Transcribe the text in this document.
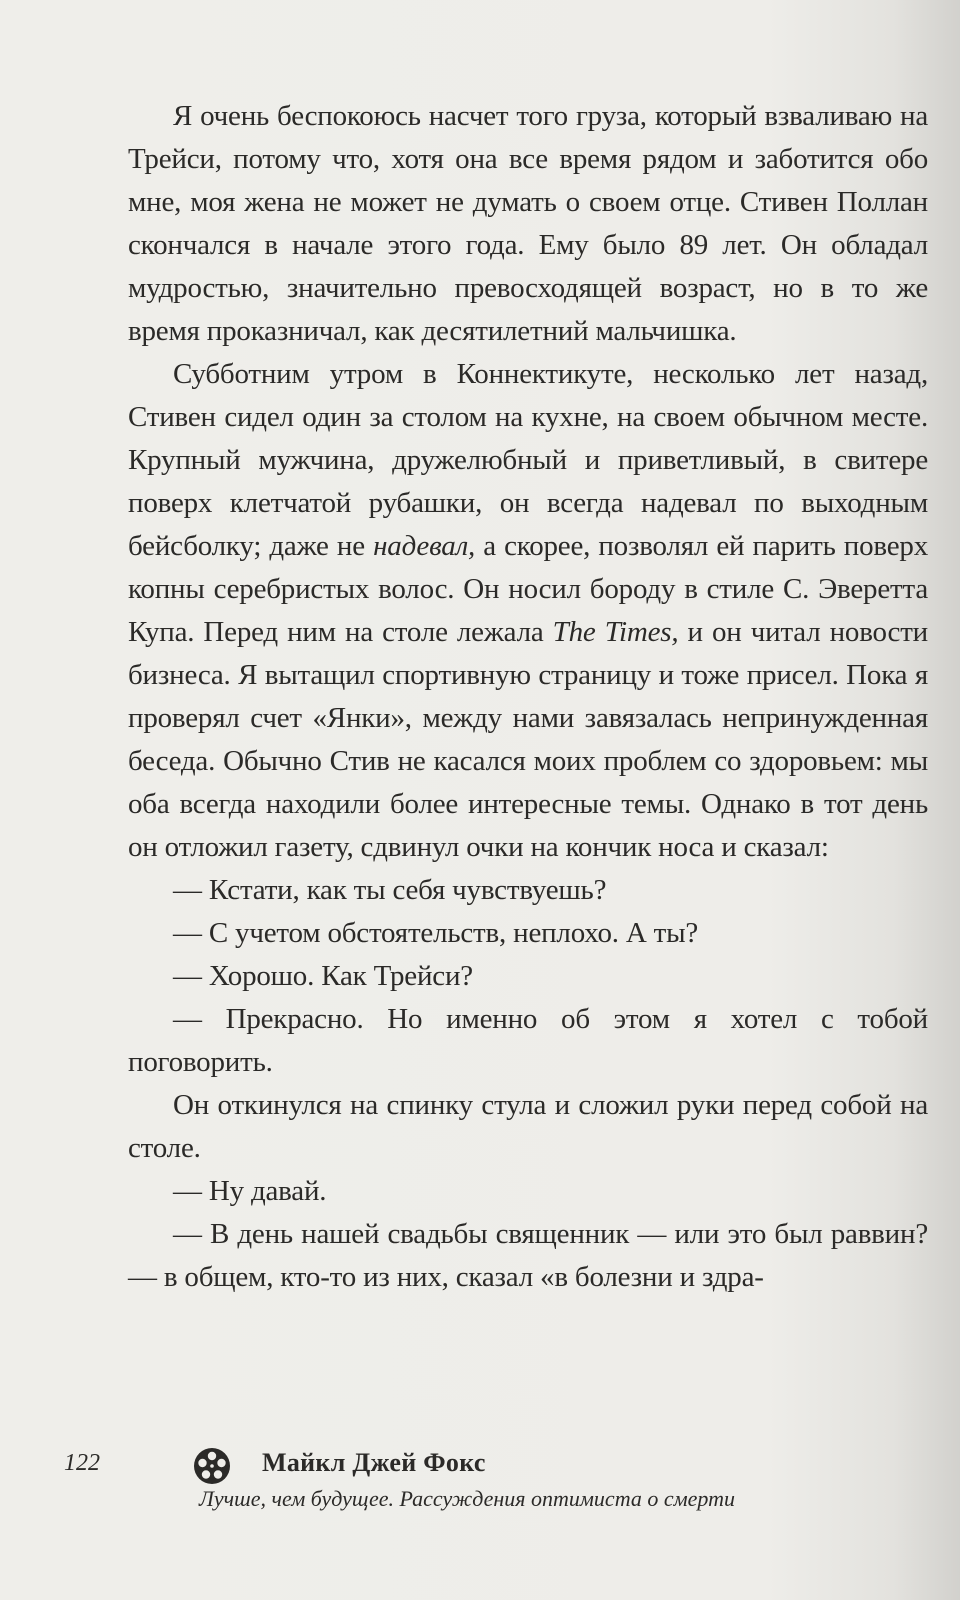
Я очень беспокоюсь насчет того груза, который взваливаю на Трейси, потому что, хотя она все время рядом и заботится обо мне, моя жена не может не думать о своем отце. Стивен Поллан скончался в начале этого года. Ему было 89 лет. Он обладал мудростью, значительно превосходящей возраст, но в то же время проказничал, как десятилетний мальчишка.

Субботним утром в Коннектикуте, несколько лет назад, Стивен сидел один за столом на кухне, на своем обычном месте. Крупный мужчина, дружелюбный и приветливый, в свитере поверх клетчатой рубашки, он всегда надевал по выходным бейсболку; даже не надевал, а скорее, позволял ей парить поверх копны серебристых волос. Он носил бороду в стиле С. Эверетта Купа. Перед ним на столе лежала The Times, и он читал новости бизнеса. Я вытащил спортивную страницу и тоже присел. Пока я проверял счет «Янки», между нами завязалась непринужденная беседа. Обычно Стив не касался моих проблем со здоровьем: мы оба всегда находили более интересные темы. Однако в тот день он отложил газету, сдвинул очки на кончик носа и сказал:

— Кстати, как ты себя чувствуешь?

— С учетом обстоятельств, неплохо. А ты?

— Хорошо. Как Трейси?

— Прекрасно. Но именно об этом я хотел с тобой поговорить.

Он откинулся на спинку стула и сложил руки перед собой на столе.

— Ну давай.

— В день нашей свадьбы священник — или это был раввин? — в общем, кто-то из них, сказал «в болезни и здра-

122	Майкл Джей Фокс
Лучше, чем будущее. Рассуждения оптимиста о смерти
